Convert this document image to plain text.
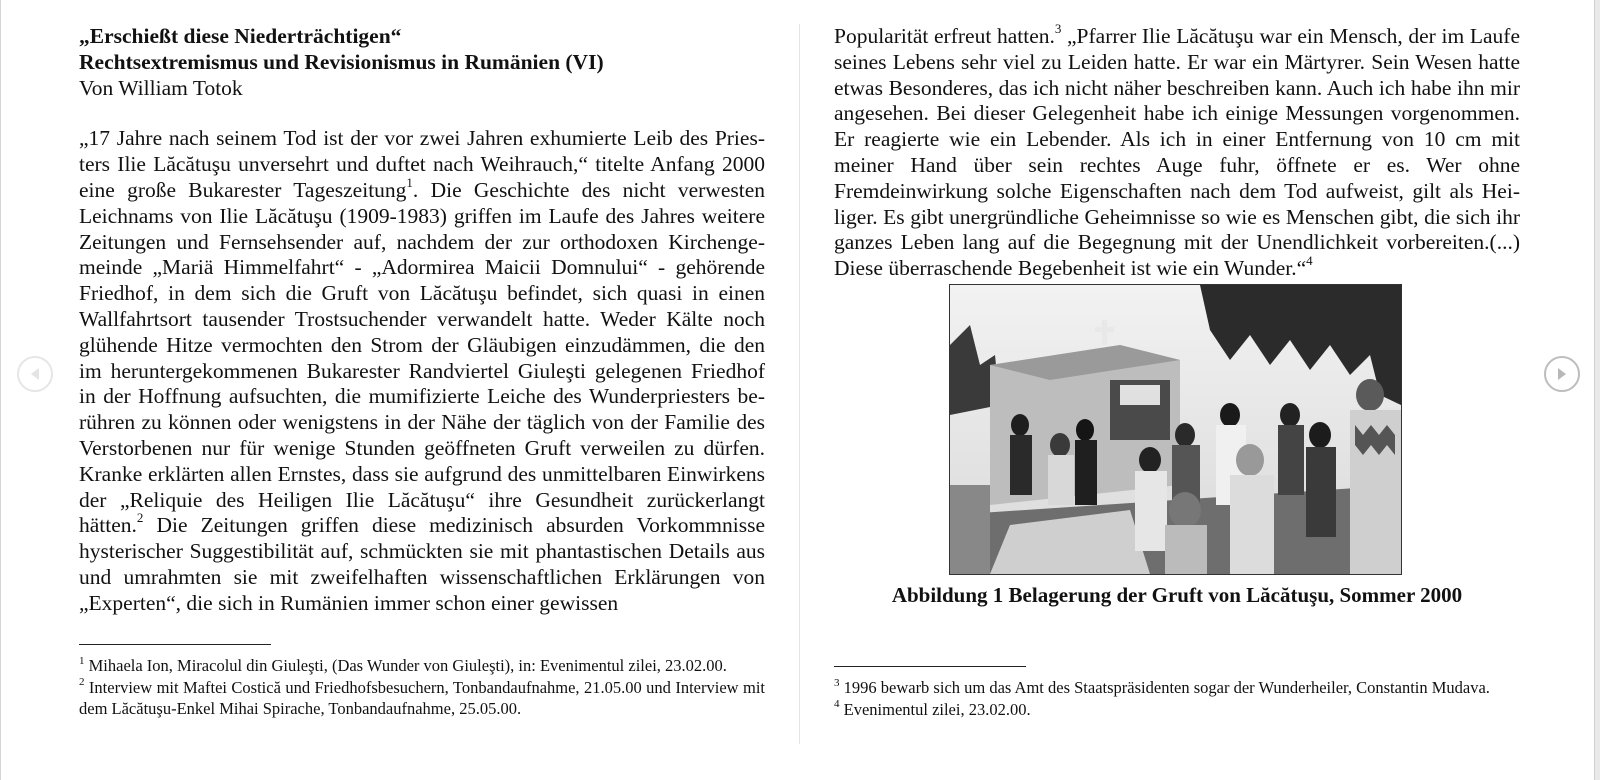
„Erschießt diese Niederträchtigen“

Rechtsextremismus und Revisionismus in Rumänien (VI)

Von William Totok

„17 Jahre nach seinem Tod ist der vor zwei Jahren exhumierte Leib des Priesters Ilie Lăcătuşu unversehrt und duftet nach Weihrauch,“ titelte Anfang 2000 eine große Bukarester Tageszeitung$^1$. Die Geschichte des nicht verwesten Leichnams von Ilie Lăcătuşu (1909-1983) griffen im Laufe des Jahres weitere Zeitungen und Fernsehsender auf, nachdem der zur orthodoxen Kirchengemeinde „Mariä Himmelfahrt“ - „Adormirea Maicii Domnului“ - gehörende Friedhof, in dem sich die Gruft von Lăcătuşu befindet, sich quasi in einen Wallfahrtsort tausender Trostsuchender verwandelt hatte. Weder Kälte noch glühende Hitze vermochten den Strom der Gläubigen einzudämmen, die den im heruntergekommenen Bukarester Randviertel Giuleşti gelegenen Friedhof in der Hoffnung aufsuchten, die mumifizierte Leiche des Wunderpriesters berühren zu können oder wenigstens in der Nähe der täglich von der Familie des Verstorbenen nur für wenige Stunden geöffneten Gruft verweilen zu dürfen. Kranke erklärten allen Ernstes, dass sie aufgrund des unmittelbaren Einwirkens der „Reliquie des Heiligen Ilie Lăcătuşu“ ihre Gesundheit zurückerlangt hätten.$^2$ Die Zeitungen griffen diese medizinisch absurden Vorkommnisse hysterischer Suggestibilität auf, schmückten sie mit phantastischen Details aus und umrahmten sie mit zweifelhaften wissenschaftlichen Erklärungen von „Experten“, die sich in Rumänien immer schon einer gewissen

$^1$ Mihaela Ion, Miracolul din Giuleşti, (Das Wunder von Giuleşti), in: Evenimentul zilei, 23.02.00.

$^2$ Interview mit Maftei Costică und Friedhofsbesuchern, Tonbandaufnahme, 21.05.00 und Interview mit dem Lăcătuşu-Enkel Mihai Spirache, Tonbandaufnahme, 25.05.00.

Popularität erfreut hatten.$^3$ „Pfarrer Ilie Lăcătuşu war ein Mensch, der im Laufe seines Lebens sehr viel zu Leiden hatte. Er war ein Märtyrer. Sein Wesen hatte etwas Besonderes, das ich nicht näher beschreiben kann. Auch ich habe ihn mir angesehen. Bei dieser Gelegenheit habe ich einige Messungen vorgenommen. Er reagierte wie ein Lebender. Als ich in einer Entfernung von 10 cm mit meiner Hand über sein rechtes Auge fuhr, öffnete er es. Wer ohne Fremdeinwirkung solche Eigenschaften nach dem Tod aufweist, gilt als Heiliger. Es gibt unergründliche Geheimnisse so wie es Menschen gibt, die sich ihr ganzes Leben lang auf die Begegnung mit der Unendlichkeit vorbereiten.(...) Diese überraschende Begebenheit ist wie ein Wunder.“$^4$

Abbildung 1 Belagerung der Gruft von Lăcătuşu, Sommer 2000

$^3$ 1996 bewarb sich um das Amt des Staatspräsidenten sogar der Wunderheiler, Constantin Mudava.

$^4$ Evenimentul zilei, 23.02.00.
